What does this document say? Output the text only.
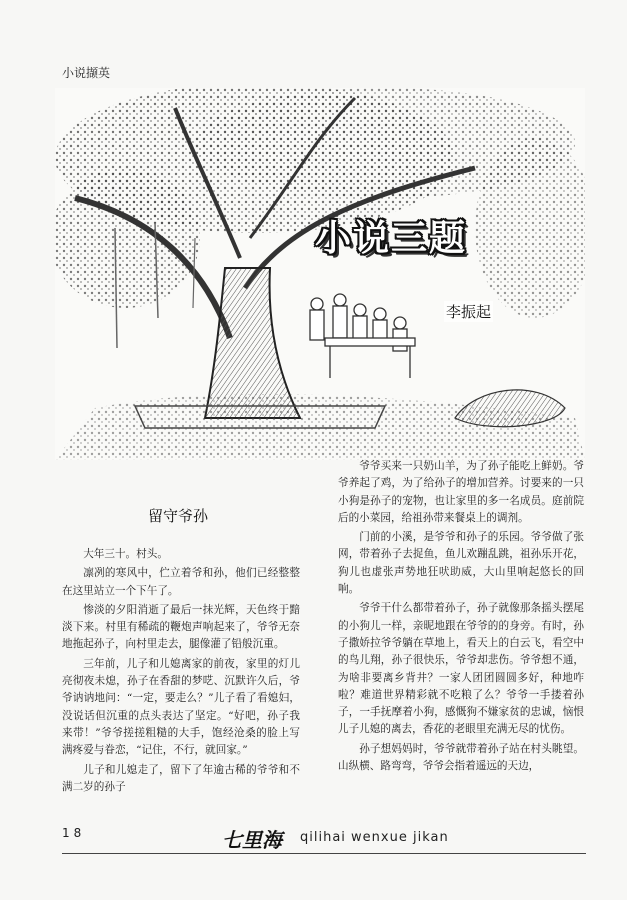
小说撷英
小说三题
李振起
留守爷孙

大年三十。村头。

凛冽的寒风中，伫立着爷和孙，他们已经整整在这里站立一个下午了。

惨淡的夕阳消逝了最后一抹光辉，天色终于黯淡下来。村里有稀疏的鞭炮声响起来了，爷爷无奈地拖起孙子，向村里走去，腿像灌了铅般沉重。

三年前，儿子和儿媳离家的前夜，家里的灯儿亮彻夜未熄，孙子在香甜的梦呓、沉默许久后，爷爷讷讷地问：“一定，要走么？”儿子看了看媳妇，没说话但沉重的点头表达了坚定。“好吧，孙子我来带！”爷爷搓搓粗糙的大手，饱经沧桑的脸上写满疼爱与眷恋，“记住，不行，就回家。”

儿子和儿媳走了，留下了年逾古稀的爷爷和不满二岁的孙子

爷爷买来一只奶山羊，为了孙子能吃上鲜奶。爷爷养起了鸡，为了给孙子的增加营养。讨要来的一只小狗是孙子的宠物，也让家里的多一名成员。庭前院后的小菜园，给祖孙带来餐桌上的调剂。

门前的小溪，是爷爷和孙子的乐园。爷爷做了张网，带着孙子去捉鱼，鱼儿欢蹦乱跳，祖孙乐开花，狗儿也虚张声势地狂吠助威，大山里响起悠长的回响。

爷爷干什么都带着孙子，孙子就像那条摇头摆尾的小狗儿一样，亲昵地跟在爷爷的的身旁。有时，孙子撒娇拉爷爷躺在草地上，看天上的白云飞，看空中的鸟儿翔，孙子很快乐，爷爷却悲伤。爷爷想不通，为啥非要离乡背井？一家人团团圆圆多好，种地咋啦？难道世界精彩就不吃粮了么？爷爷一手搂着孙子，一手抚摩着小狗，感慨狗不嫌家贫的忠诚，恼恨儿子儿媳的离去，香花的老眼里充满无尽的忧伤。

孙子想妈妈时，爷爷就带着孙子站在村头眺望。山纵横、路弯弯，爷爷会指着遥远的天边，

18	七里海 qilihai wenxue jikan
